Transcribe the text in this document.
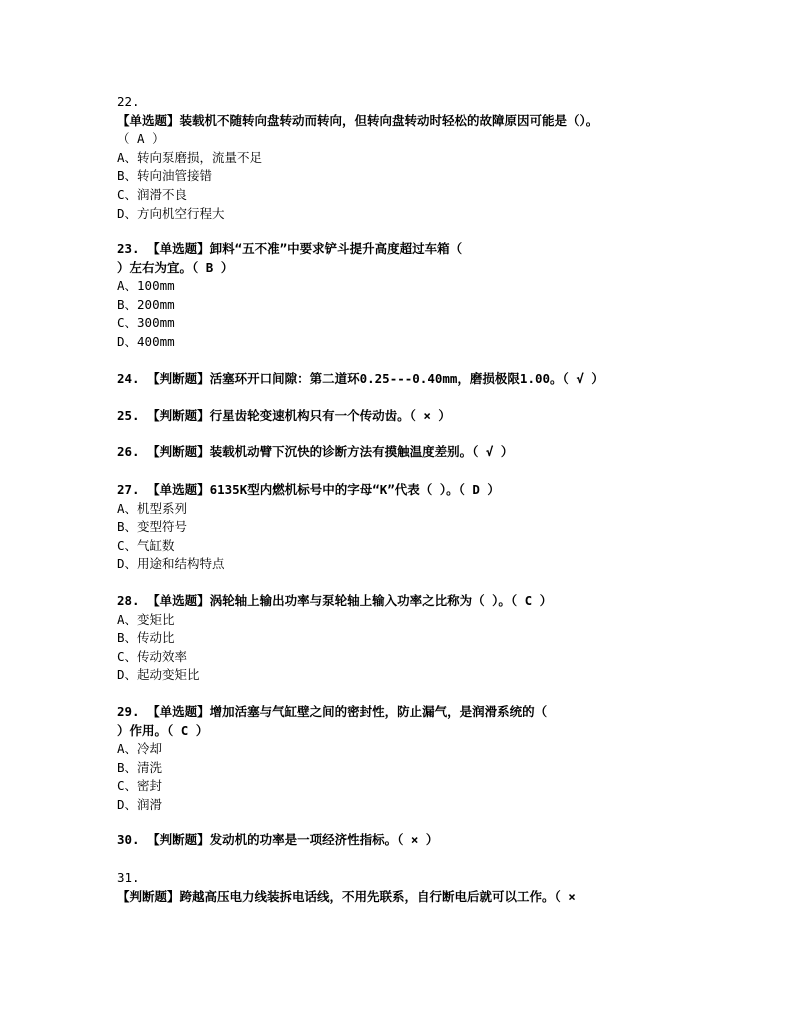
22.
【单选题】装载机不随转向盘转动而转向，但转向盘转动时轻松的故障原因可能是（）。
（ A ）
A、转向泵磨损，流量不足
B、转向油管接错
C、润滑不良
D、方向机空行程大
23. 【单选题】卸料“五不准”中要求铲斗提升高度超过车箱（
）左右为宜。（ B ）
A、100mm
B、200mm
C、300mm
D、400mm
24. 【判断题】活塞环开口间隙：第二道环0.25---0.40mm，磨损极限1.00。（ √ ）
25. 【判断题】行星齿轮变速机构只有一个传动齿。（ × ）
26. 【判断题】装载机动臂下沉快的诊断方法有摸触温度差别。（ √ ）
27. 【单选题】6135K型内燃机标号中的字母“K”代表（ ）。（ D ）
A、机型系列
B、变型符号
C、气缸数
D、用途和结构特点
28. 【单选题】涡轮轴上输出功率与泵轮轴上输入功率之比称为（ ）。（ C ）
A、变矩比
B、传动比
C、传动效率
D、起动变矩比
29. 【单选题】增加活塞与气缸壁之间的密封性，防止漏气，是润滑系统的（
）作用。（ C ）
A、冷却
B、清洗
C、密封
D、润滑
30. 【判断题】发动机的功率是一项经济性指标。（ × ）
31.
【判断题】跨越高压电力线装拆电话线，不用先联系，自行断电后就可以工作。（ ×
